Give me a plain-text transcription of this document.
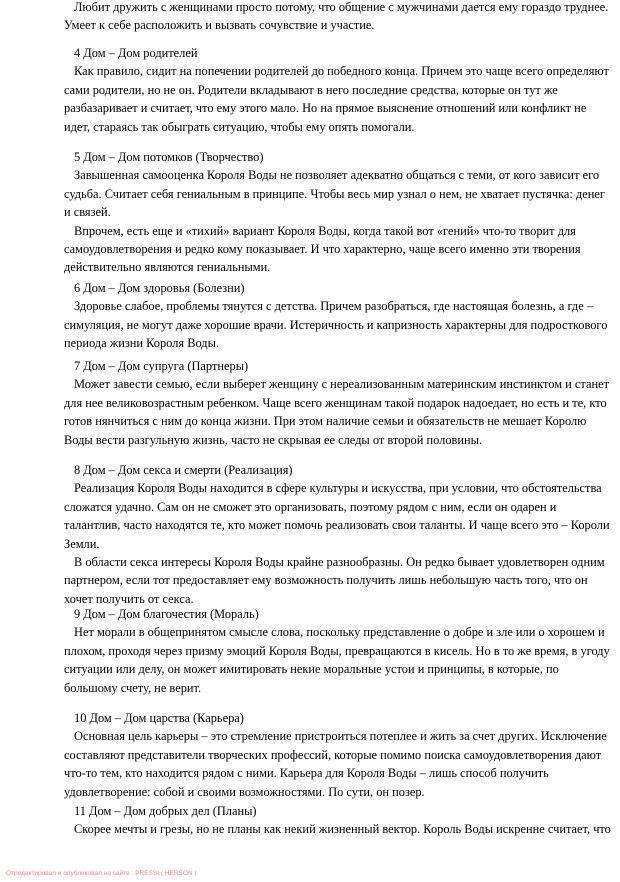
Любит дружить с женщинами просто потому, что общение с мужчинами дается ему гораздо труднее. Умеет к себе расположить и вызвать сочувствие и участие.

4 Дом – Дом родителей

Как правило, сидит на попечении родителей до победного конца. Причем это чаще всего определяют сами родители, но не он. Родители вкладывают в него последние средства, которые он тут же разбазаривает и считает, что ему этого мало. Но на прямое выяснение отношений или конфликт не идет, стараясь так обыграть ситуацию, чтобы ему опять помогали.

5 Дом – Дом потомков (Творчество)

Завышенная самооценка Короля Воды не позволяет адекватно общаться с теми, от кого зависит его судьба. Считает себя гениальным в принципе. Чтобы весь мир узнал о нем, не хватает пустячка: денег и связей.

Впрочем, есть еще и «тихий» вариант Короля Воды, когда такой вот «гений» что-то творит для самоудовлетворения и редко кому показывает. И что характерно, чаще всего именно эти творения действительно являются гениальными.

6 Дом – Дом здоровья (Болезни)

Здоровье слабое, проблемы тянутся с детства. Причем разобраться, где настоящая болезнь, а где – симуляция, не могут даже хорошие врачи. Истеричность и капризность характерны для подросткового периода жизни Короля Воды.

7 Дом – Дом супруга (Партнеры)

Может завести семью, если выберет женщину с нереализованным материнским инстинктом и станет для нее великовозрастным ребенком. Чаще всего женщинам такой подарок надоедает, но есть и те, кто готов нянчиться с ним до конца жизни. При этом наличие семьи и обязательств не мешает Королю Воды вести разгульную жизнь, часто не скрывая ее следы от второй половины.

8 Дом – Дом секса и смерти (Реализация)

Реализация Короля Воды находится в сфере культуры и искусства, при условии, что обстоятельства сложатся удачно. Сам он не сможет это организовать, поэтому рядом с ним, если он одарен и талантлив, часто находятся те, кто может помочь реализовать свои таланты. И чаще всего это – Короли Земли.

В области секса интересы Короля Воды крайне разнообразны. Он редко бывает удовлетворен одним партнером, если тот предоставляет ему возможность получить лишь небольшую часть того, что он хочет получить от секса.

9 Дом – Дом благочестия (Мораль)

Нет морали в общепринятом смысле слова, поскольку представление о добре и зле или о хорошем и плохом, проходя через призму эмоций Короля Воды, превращаются в кисель. Но в то же время, в угоду ситуации или делу, он может имитировать некие моральные устои и принципы, в которые, по большому счету, не верит.

10 Дом – Дом царства (Карьера)

Основная цель карьеры – это стремление пристроиться потеплее и жить за счет других. Исключение составляют представители творческих профессий, которые помимо поиска самоудовлетворения дают что-то тем, кто находится рядом с ними. Карьера для Короля Воды – лишь способ получить удовлетворение: собой и своими возможностями. По сути, он позер.

11 Дом – Дом добрых дел (Планы)

Скорее мечты и грезы, но не планы как некий жизненный вектор. Король Воды искренне считает, что

Отредактировал и опубликовал на сайте : PRESSI ( HERSON )
